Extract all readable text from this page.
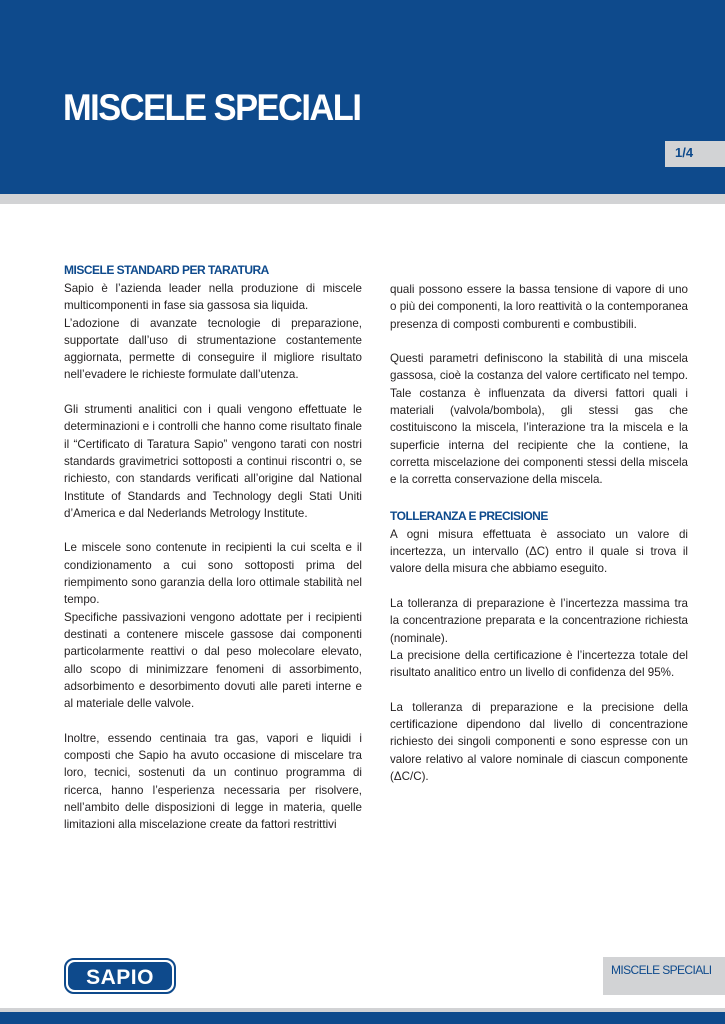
MISCELE SPECIALI
1/4
MISCELE STANDARD PER TARATURA

Sapio è l’azienda leader nella produzione di miscele multicomponenti in fase sia gassosa sia liquida.

L’adozione di avanzate tecnologie di preparazione, supportate dall’uso di strumentazione costantemente aggiornata, permette di conseguire il migliore risultato nell’evadere le richieste formulate dall’utenza.

Gli strumenti analitici con i quali vengono effettuate le determinazioni e i controlli che hanno come risultato finale il “Certificato di Taratura Sapio” vengono tarati con nostri standards gravimetrici sottoposti a continui riscontri o, se richiesto, con standards verificati all’origine dal National Institute of Standards and Technology degli Stati Uniti d’America e dal Nederlands Metrology Institute.

Le miscele sono contenute in recipienti la cui scelta e il condizionamento a cui sono sottoposti prima del riempimento sono garanzia della loro ottimale stabilità nel tempo.

Specifiche passivazioni vengono adottate per i recipienti destinati a contenere miscele gassose dai componenti particolarmente reattivi o dal peso molecolare elevato, allo scopo di minimizzare fenomeni di assorbimento, adsorbimento e desorbimento dovuti alle pareti interne e al materiale delle valvole.

Inoltre, essendo centinaia tra gas, vapori e liquidi i composti che Sapio ha avuto occasione di miscelare tra loro, tecnici, sostenuti da un continuo programma di ricerca, hanno l’esperienza necessaria per risolvere, nell’ambito delle disposizioni di legge in materia, quelle limitazioni alla miscelazione create da fattori restrittivi

quali possono essere la bassa tensione di vapore di uno o più dei componenti, la loro reattività o la contemporanea presenza di composti comburenti e combustibili.

Questi parametri definiscono la stabilità di una miscela gassosa, cioè la costanza del valore certificato nel tempo. Tale costanza è influenzata da diversi fattori quali i materiali (valvola/bombola), gli stessi gas che costituiscono la miscela, l’interazione tra la miscela e la superficie interna del recipiente che la contiene, la corretta miscelazione dei componenti stessi della miscela e la corretta conservazione della miscela.

TOLLERANZA E PRECISIONE

A ogni misura effettuata è associato un valore di incertezza, un intervallo (ΔC) entro il quale si trova il valore della misura che abbiamo eseguito.

La tolleranza di preparazione è l’incertezza massima tra la concentrazione preparata e la concentrazione richiesta (nominale).

La precisione della certificazione è l’incertezza totale del risultato analitico entro un livello di confidenza del 95%.

La tolleranza di preparazione e la precisione della certificazione dipendono dal livello di concentrazione richiesto dei singoli componenti e sono espresse con un valore relativo al valore nominale di ciascun componente (ΔC/C).

SAPIO	MISCELE SPECIALI
